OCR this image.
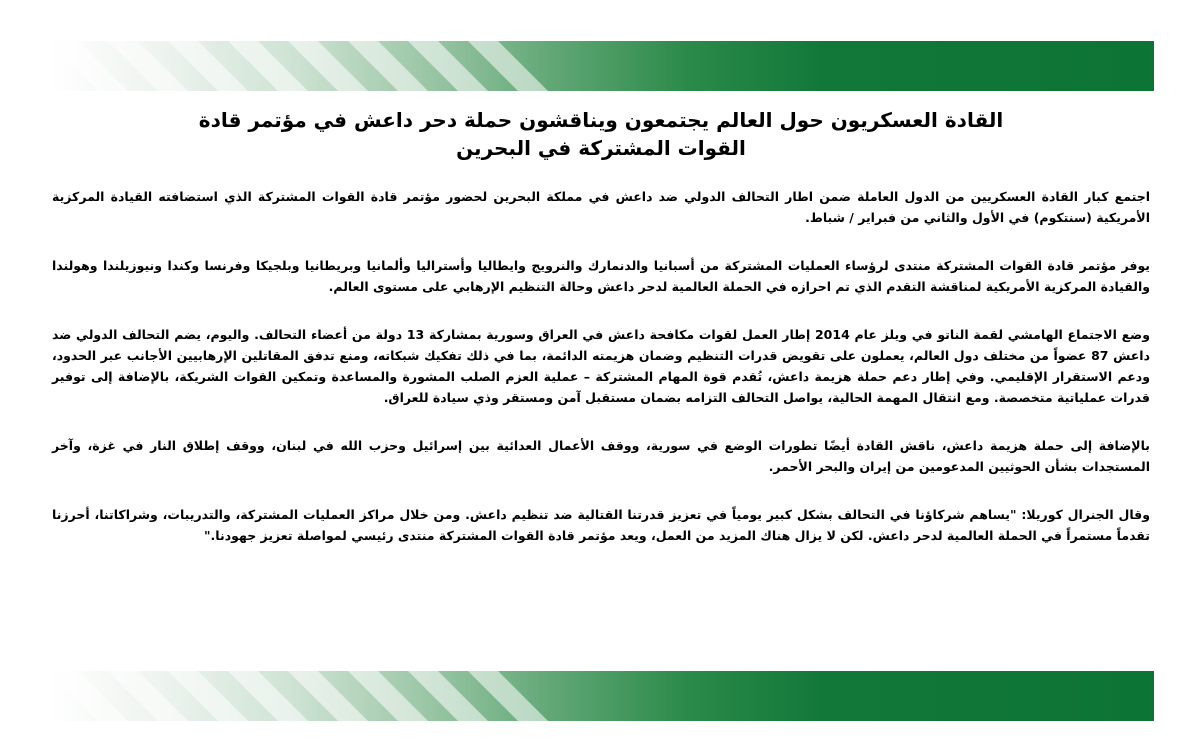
القادة العسكريون حول العالم يجتمعون ويناقشون حملة دحر داعش في مؤتمر قادة القوات المشتركة في البحرين

اجتمع كبار القادة العسكريين من الدول العاملة ضمن اطار التحالف الدولي ضد داعش في مملكة البحرين لحضور مؤتمر قادة القوات المشتركة الذي استضافته القيادة المركزية الأمريكية (سنتكوم) في الأول والثاني من فبراير / شباط.

يوفر مؤتمر قادة القوات المشتركة منتدى لرؤساء العمليات المشتركة من أسبانيا والدنمارك والنرويج وايطاليا وأستراليا وألمانيا وبريطانيا وبلجيكا وفرنسا وكندا ونيوزيلندا وهولندا والقيادة المركزية الأمريكية لمناقشة التقدم الذي تم احرازه في الحملة العالمية لدحر داعش وحالة التنظيم الإرهابي على مستوى العالم.

وضع الاجتماع الهامشي لقمة الناتو في ويلز عام 2014 إطار العمل لقوات مكافحة داعش في العراق وسورية بمشاركة 13 دولة من أعضاء التحالف. واليوم، يضم التحالف الدولي ضد داعش 87 عضواً من مختلف دول العالم، يعملون على تقويض قدرات التنظيم وضمان هزيمته الدائمة، بما في ذلك تفكيك شبكاته، ومنع تدفق المقاتلين الإرهابيين الأجانب عبر الحدود، ودعم الاستقرار الإقليمي. وفي إطار دعم حملة هزيمة داعش، تُقدم قوة المهام المشتركة – عملية العزم الصلب المشورة والمساعدة وتمكين القوات الشريكة، بالإضافة إلى توفير قدرات عملياتية متخصصة. ومع انتقال المهمة الحالية، يواصل التحالف التزامه بضمان مستقبل آمن ومستقر وذي سيادة للعراق.

بالإضافة إلى حملة هزيمة داعش، ناقش القادة أيضًا تطورات الوضع في سورية، ووقف الأعمال العدائية بين إسرائيل وحزب الله في لبنان، ووقف إطلاق النار في غزة، وآخر المستجدات بشأن الحوثيين المدعومين من إيران والبحر الأحمر.

وقال الجنرال كوريلا: "يساهم شركاؤنا في التحالف بشكل كبير يومياً في تعزيز قدرتنا القتالية ضد تنظيم داعش. ومن خلال مراكز العمليات المشتركة، والتدريبات، وشراكاتنا، أحرزنا تقدماً مستمراً في الحملة العالمية لدحر داعش. لكن لا يزال هناك المزيد من العمل، ويعد مؤتمر قادة القوات المشتركة منتدى رئيسي لمواصلة تعزيز جهودنا."
